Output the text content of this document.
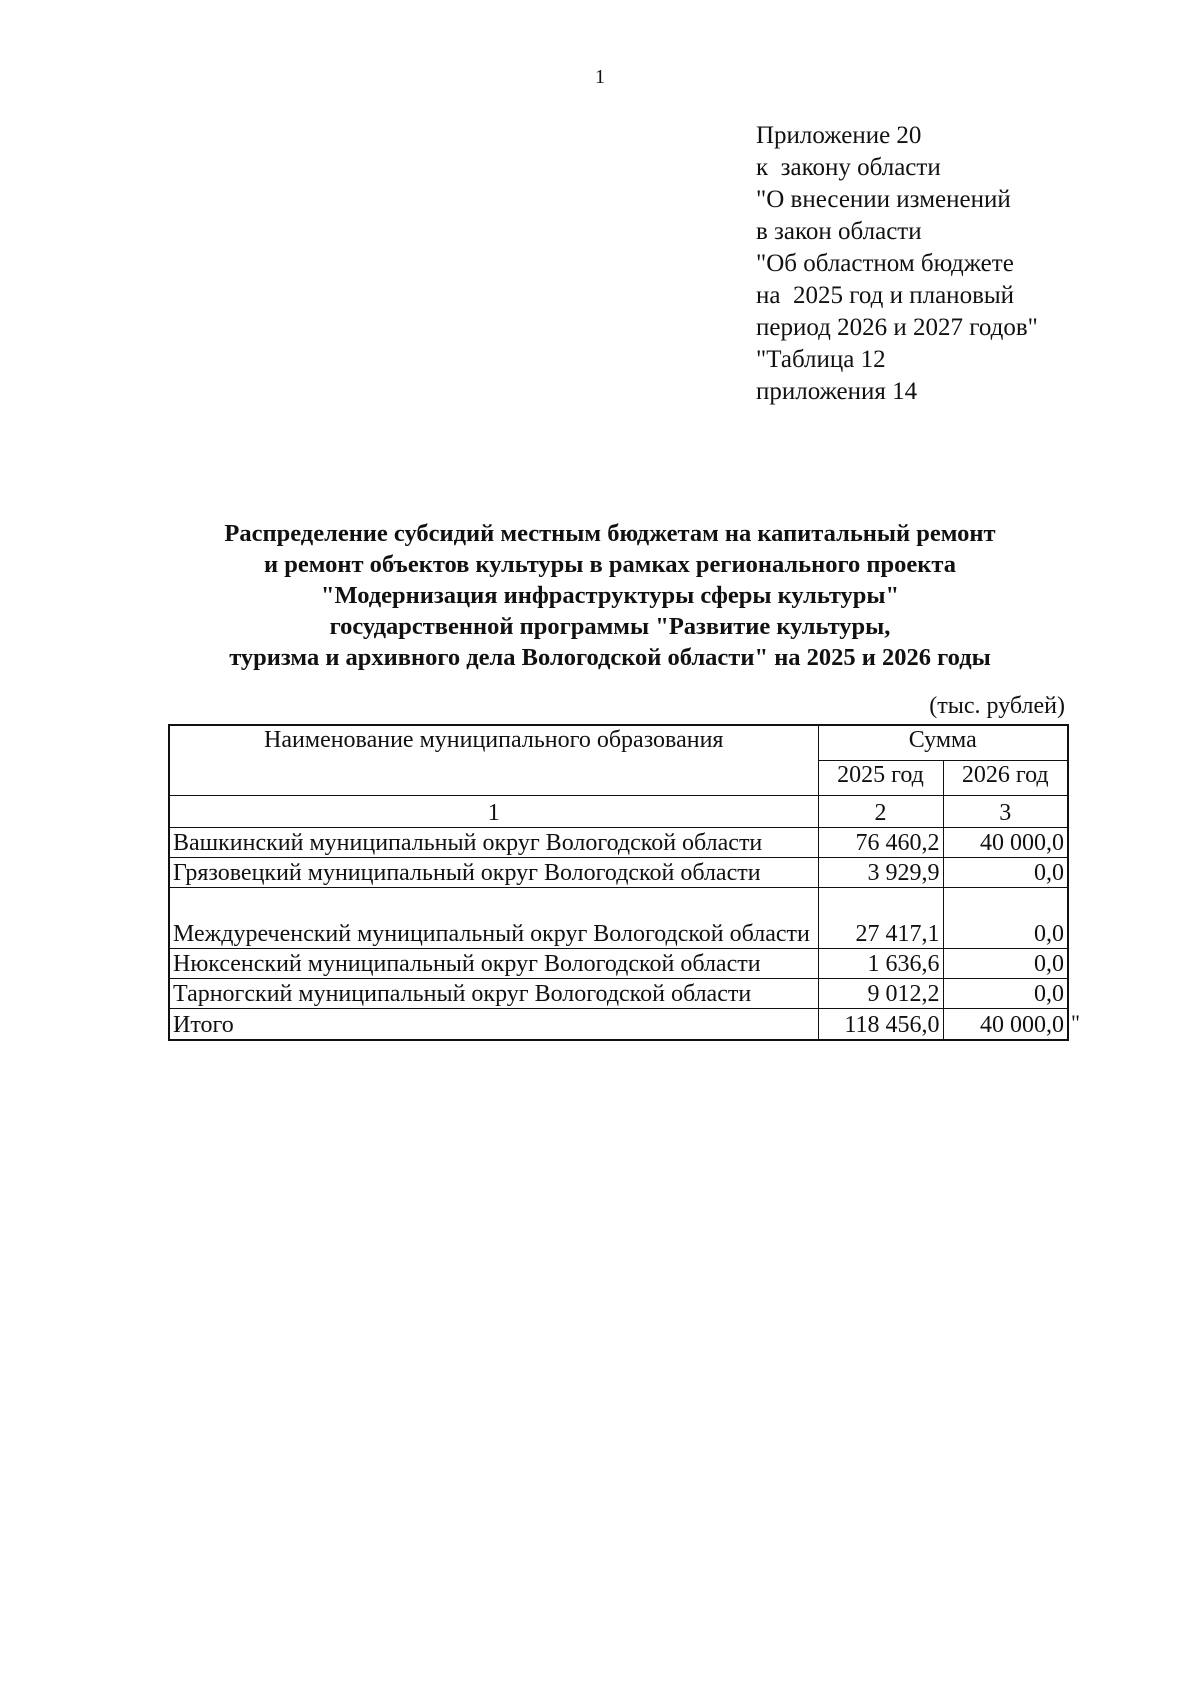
1
Приложение 20
к  закону области
"О внесении изменений
в закон области
"Об областном бюджете
на  2025 год и плановый
период 2026 и 2027 годов"
"Таблица 12
приложения 14
Распределение субсидий местным бюджетам на капитальный ремонт
и ремонт объектов культуры в рамках регионального проекта
"Модернизация инфраструктуры сферы культуры"
государственной программы "Развитие культуры,
туризма и архивного дела Вологодской области" на 2025 и 2026 годы
(тыс. рублей)
Наименование муниципального образования	Сумма	
	2025 год	2026 год
1	2	3
Вашкинский муниципальный округ Вологодской области	76 460,2	40 000,0
Грязовецкий муниципальный округ Вологодской области	3 929,9	0,0
Междуреченский муниципальный округ Вологодской области	27 417,1	0,0
Нюксенский муниципальный округ Вологодской области	1 636,6	0,0
Тарногский муниципальный округ Вологодской области	9 012,2	0,0
Итого	118 456,0	40 000,0 "
